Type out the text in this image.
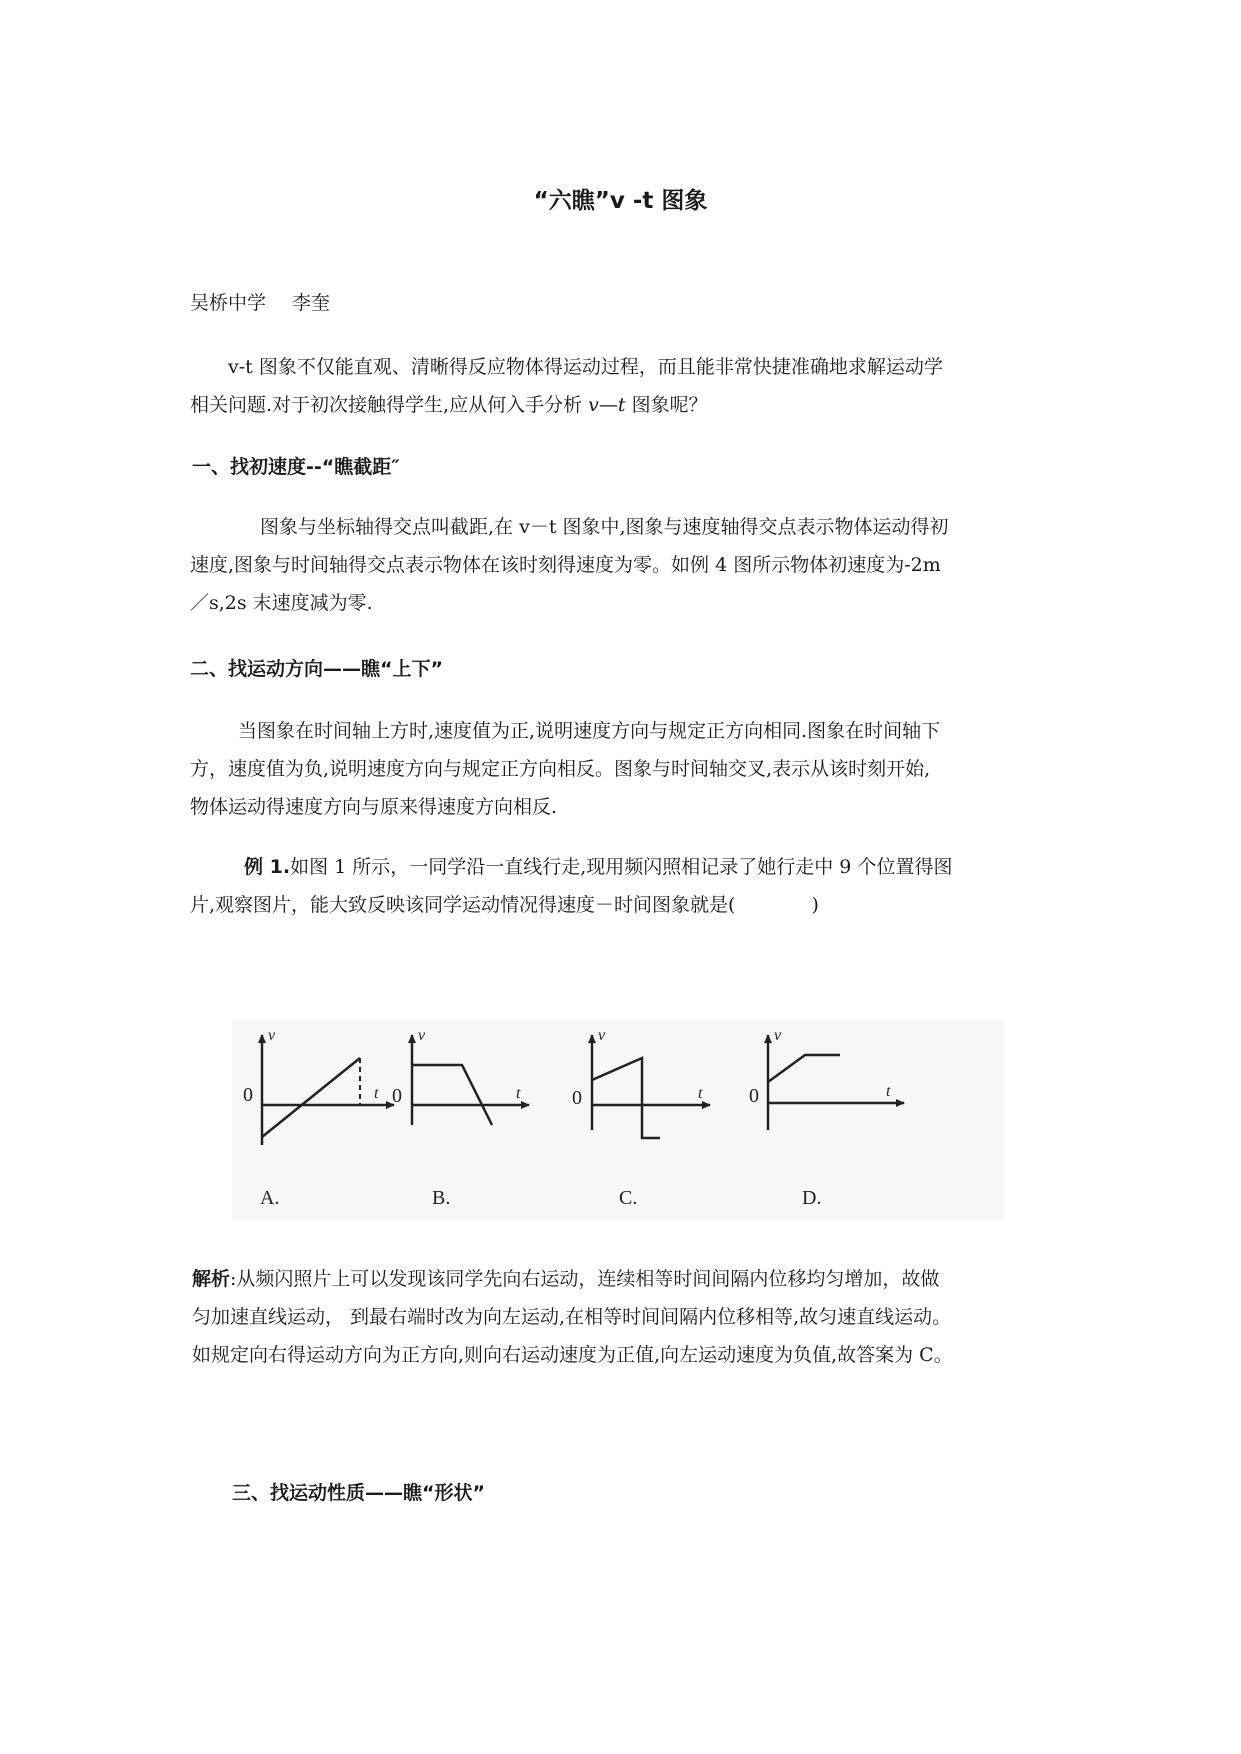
“六瞧”v -t 图象
吴桥中学 李奎

v-t 图象不仅能直观、清晰得反应物体得运动过程，而且能非常快捷准确地求解运动学
相关问题.对于初次接触得学生,应从何入手分析 v—t 图象呢？

一、找初速度--“瞧截距″

图象与坐标轴得交点叫截距,在 v－t 图象中,图象与速度轴得交点表示物体运动得初
速度,图象与时间轴得交点表示物体在该时刻得速度为零。如例 4 图所示物体初速度为-2m
／s,2s 末速度减为零.

二、找运动方向——瞧“上下”

当图象在时间轴上方时,速度值为正,说明速度方向与规定正方向相同.图象在时间轴下
方，速度值为负,说明速度方向与规定正方向相反。图象与时间轴交叉,表示从该时刻开始,
物体运动得速度方向与原来得速度方向相反.

例 1.如图 1 所示，一同学沿一直线行走,现用频闪照相记录了她行走中 9 个位置得图
片,观察图片，能大致反映该同学运动情况得速度－时间图象就是(　　　　)

v
t
0
A.
v
t
0
B.
v
t
0
C.
v
t
0
D.

解析:从频闪照片上可以发现该同学先向右运动，连续相等时间间隔内位移均匀增加，故做
匀加速直线运动， 到最右端时改为向左运动,在相等时间间隔内位移相等,故匀速直线运动。
如规定向右得运动方向为正方向,则向右运动速度为正值,向左运动速度为负值,故答案为 C。

三、找运动性质——瞧“形状”
